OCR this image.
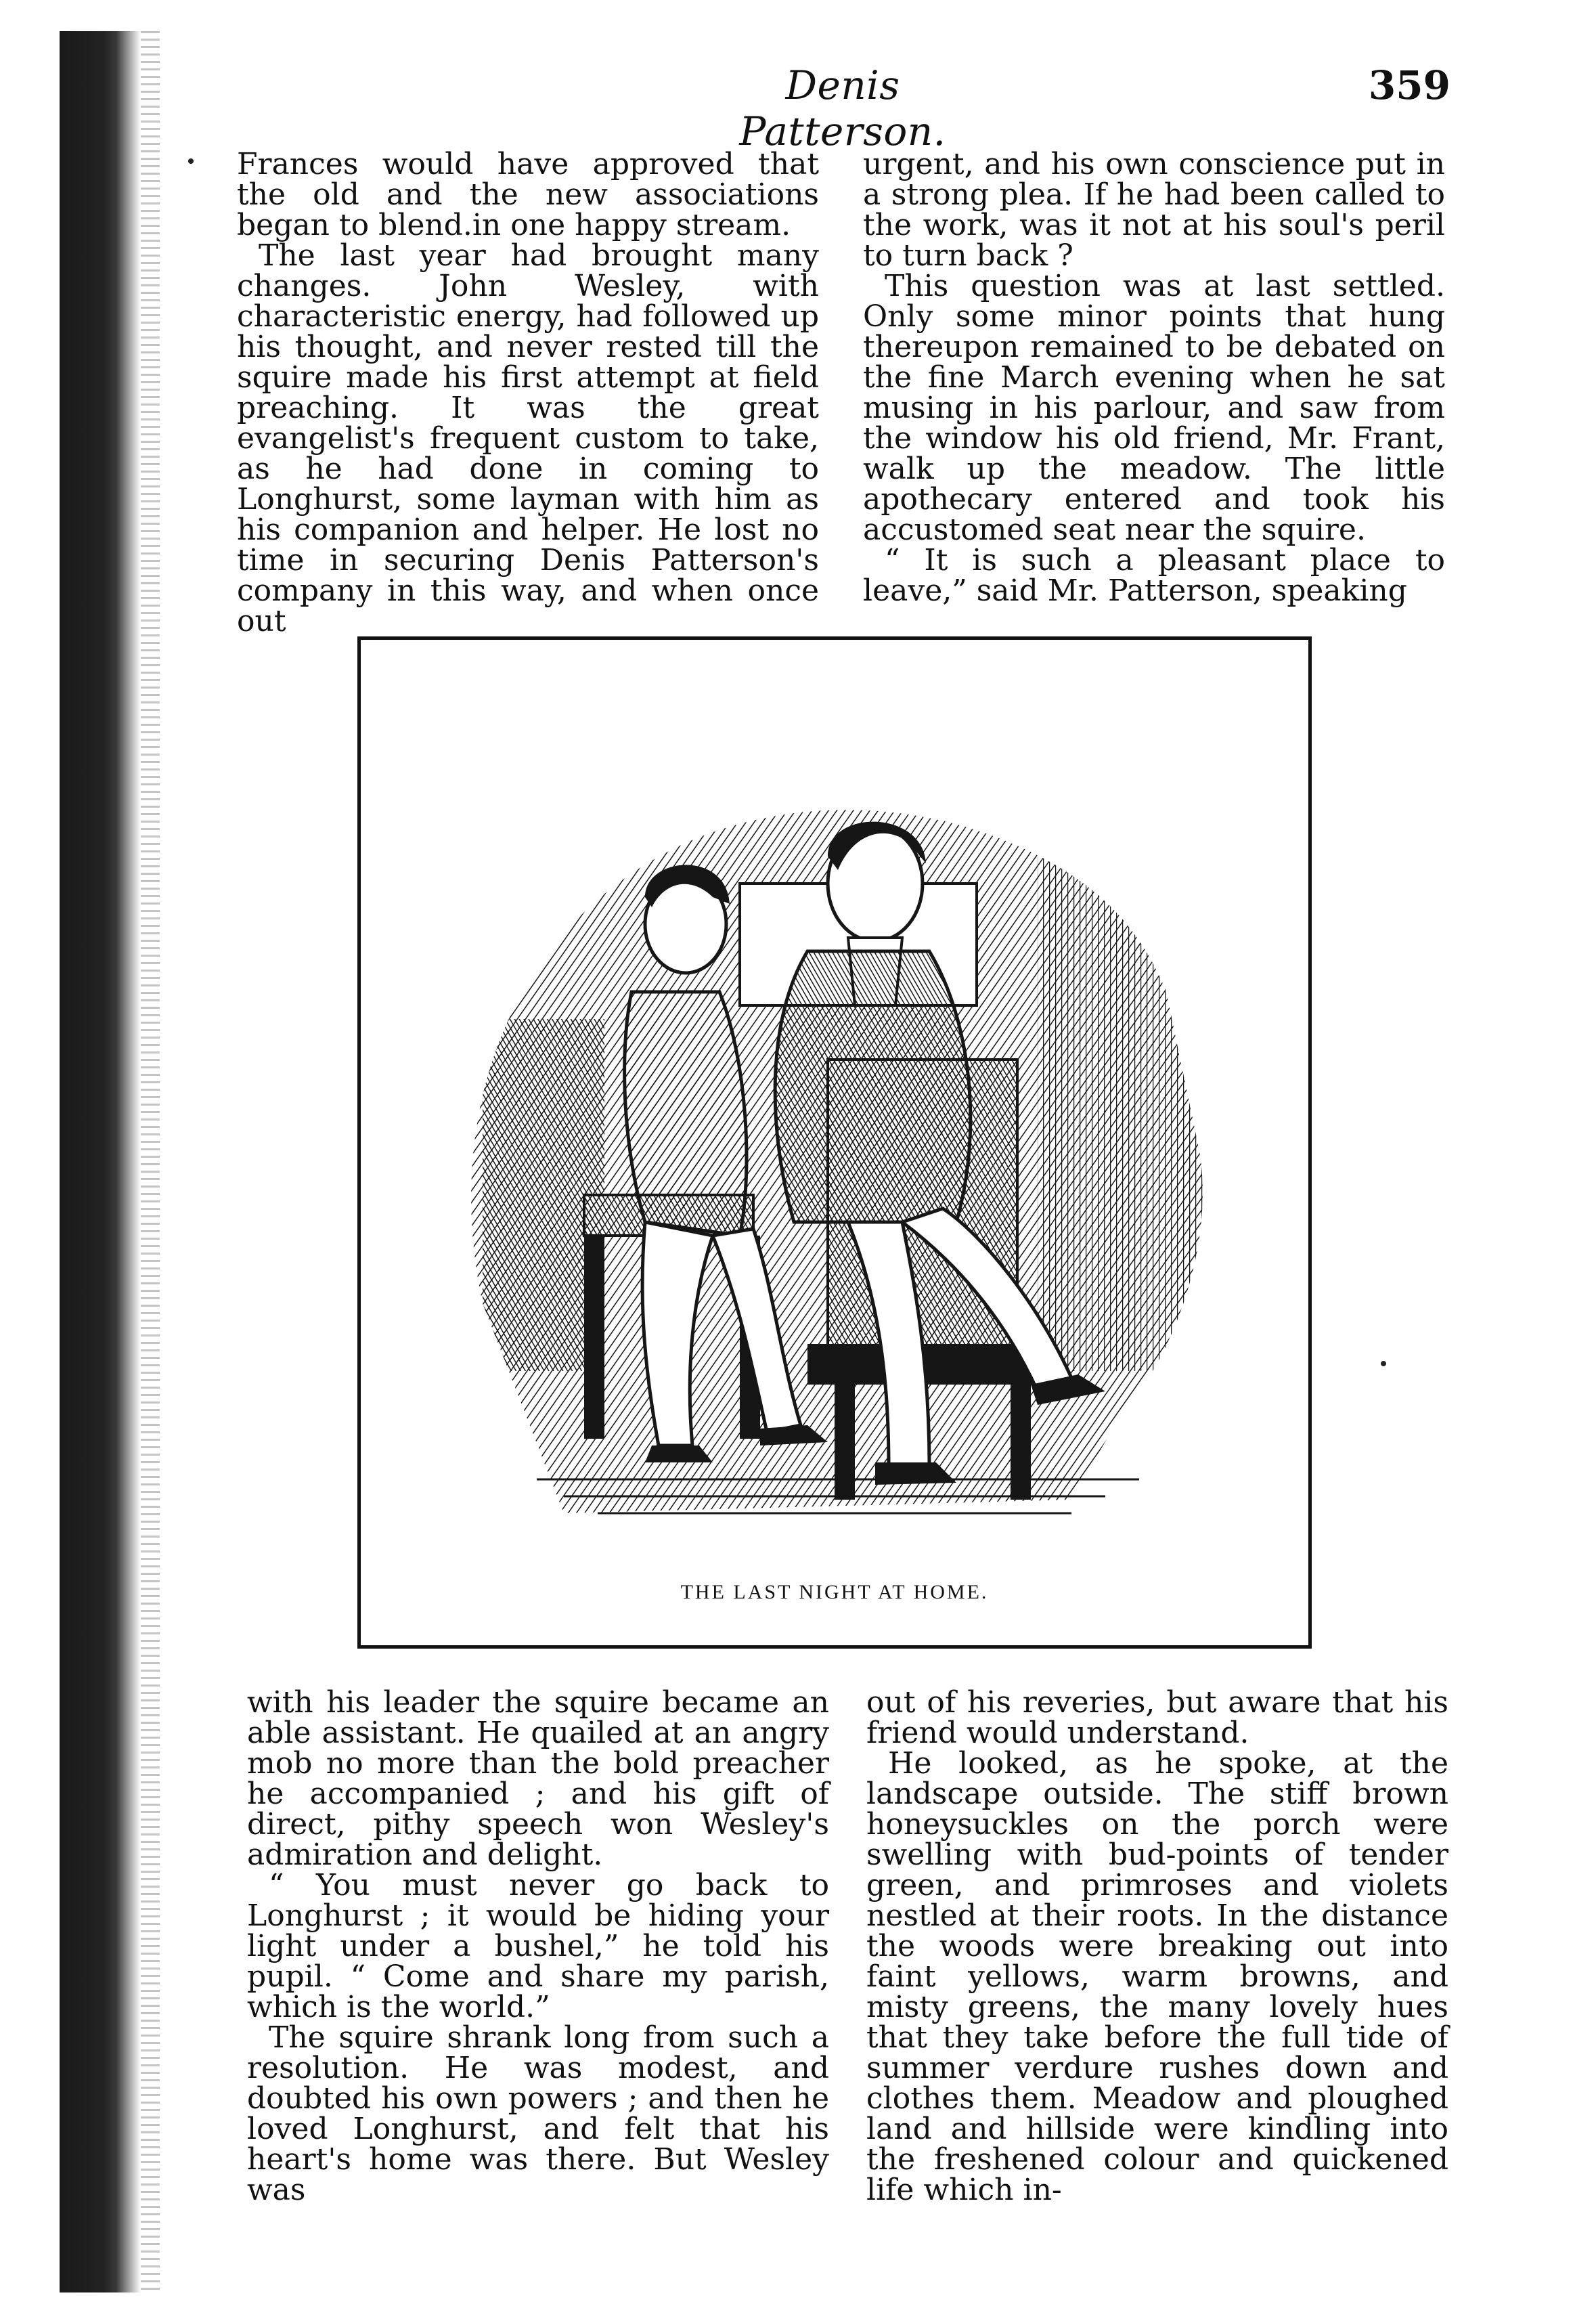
Denis Patterson.
359

Frances would have approved that the old and the new associations began to blend.in one happy stream.

The last year had brought many changes. John Wesley, with characteristic energy, had followed up his thought, and never rested till the squire made his first attempt at field preaching. It was the great evangelist's frequent custom to take, as he had done in coming to Longhurst, some layman with him as his companion and helper. He lost no time in securing Denis Patterson's company in this way, and when once out

urgent, and his own conscience put in a strong plea. If he had been called to the work, was it not at his soul's peril to turn back ?

This question was at last settled. Only some minor points that hung thereupon remained to be debated on the fine March evening when he sat musing in his parlour, and saw from the window his old friend, Mr. Frant, walk up the meadow. The little apothecary entered and took his accustomed seat near the squire.

“ It is such a pleasant place to leave,” said Mr. Patterson, speaking

THE LAST NIGHT AT HOME.

with his leader the squire became an able assistant. He quailed at an angry mob no more than the bold preacher he accompanied ; and his gift of direct, pithy speech won Wesley's admiration and delight.

“ You must never go back to Longhurst ; it would be hiding your light under a bushel,” he told his pupil. “ Come and share my parish, which is the world.”

The squire shrank long from such a resolution. He was modest, and doubted his own powers ; and then he loved Longhurst, and felt that his heart's home was there. But Wesley was

out of his reveries, but aware that his friend would understand.

He looked, as he spoke, at the landscape outside. The stiff brown honeysuckles on the porch were swelling with bud-points of tender green, and primroses and violets nestled at their roots. In the distance the woods were breaking out into faint yellows, warm browns, and misty greens, the many lovely hues that they take before the full tide of summer verdure rushes down and clothes them. Meadow and ploughed land and hillside were kindling into the freshened colour and quickened life which in-
